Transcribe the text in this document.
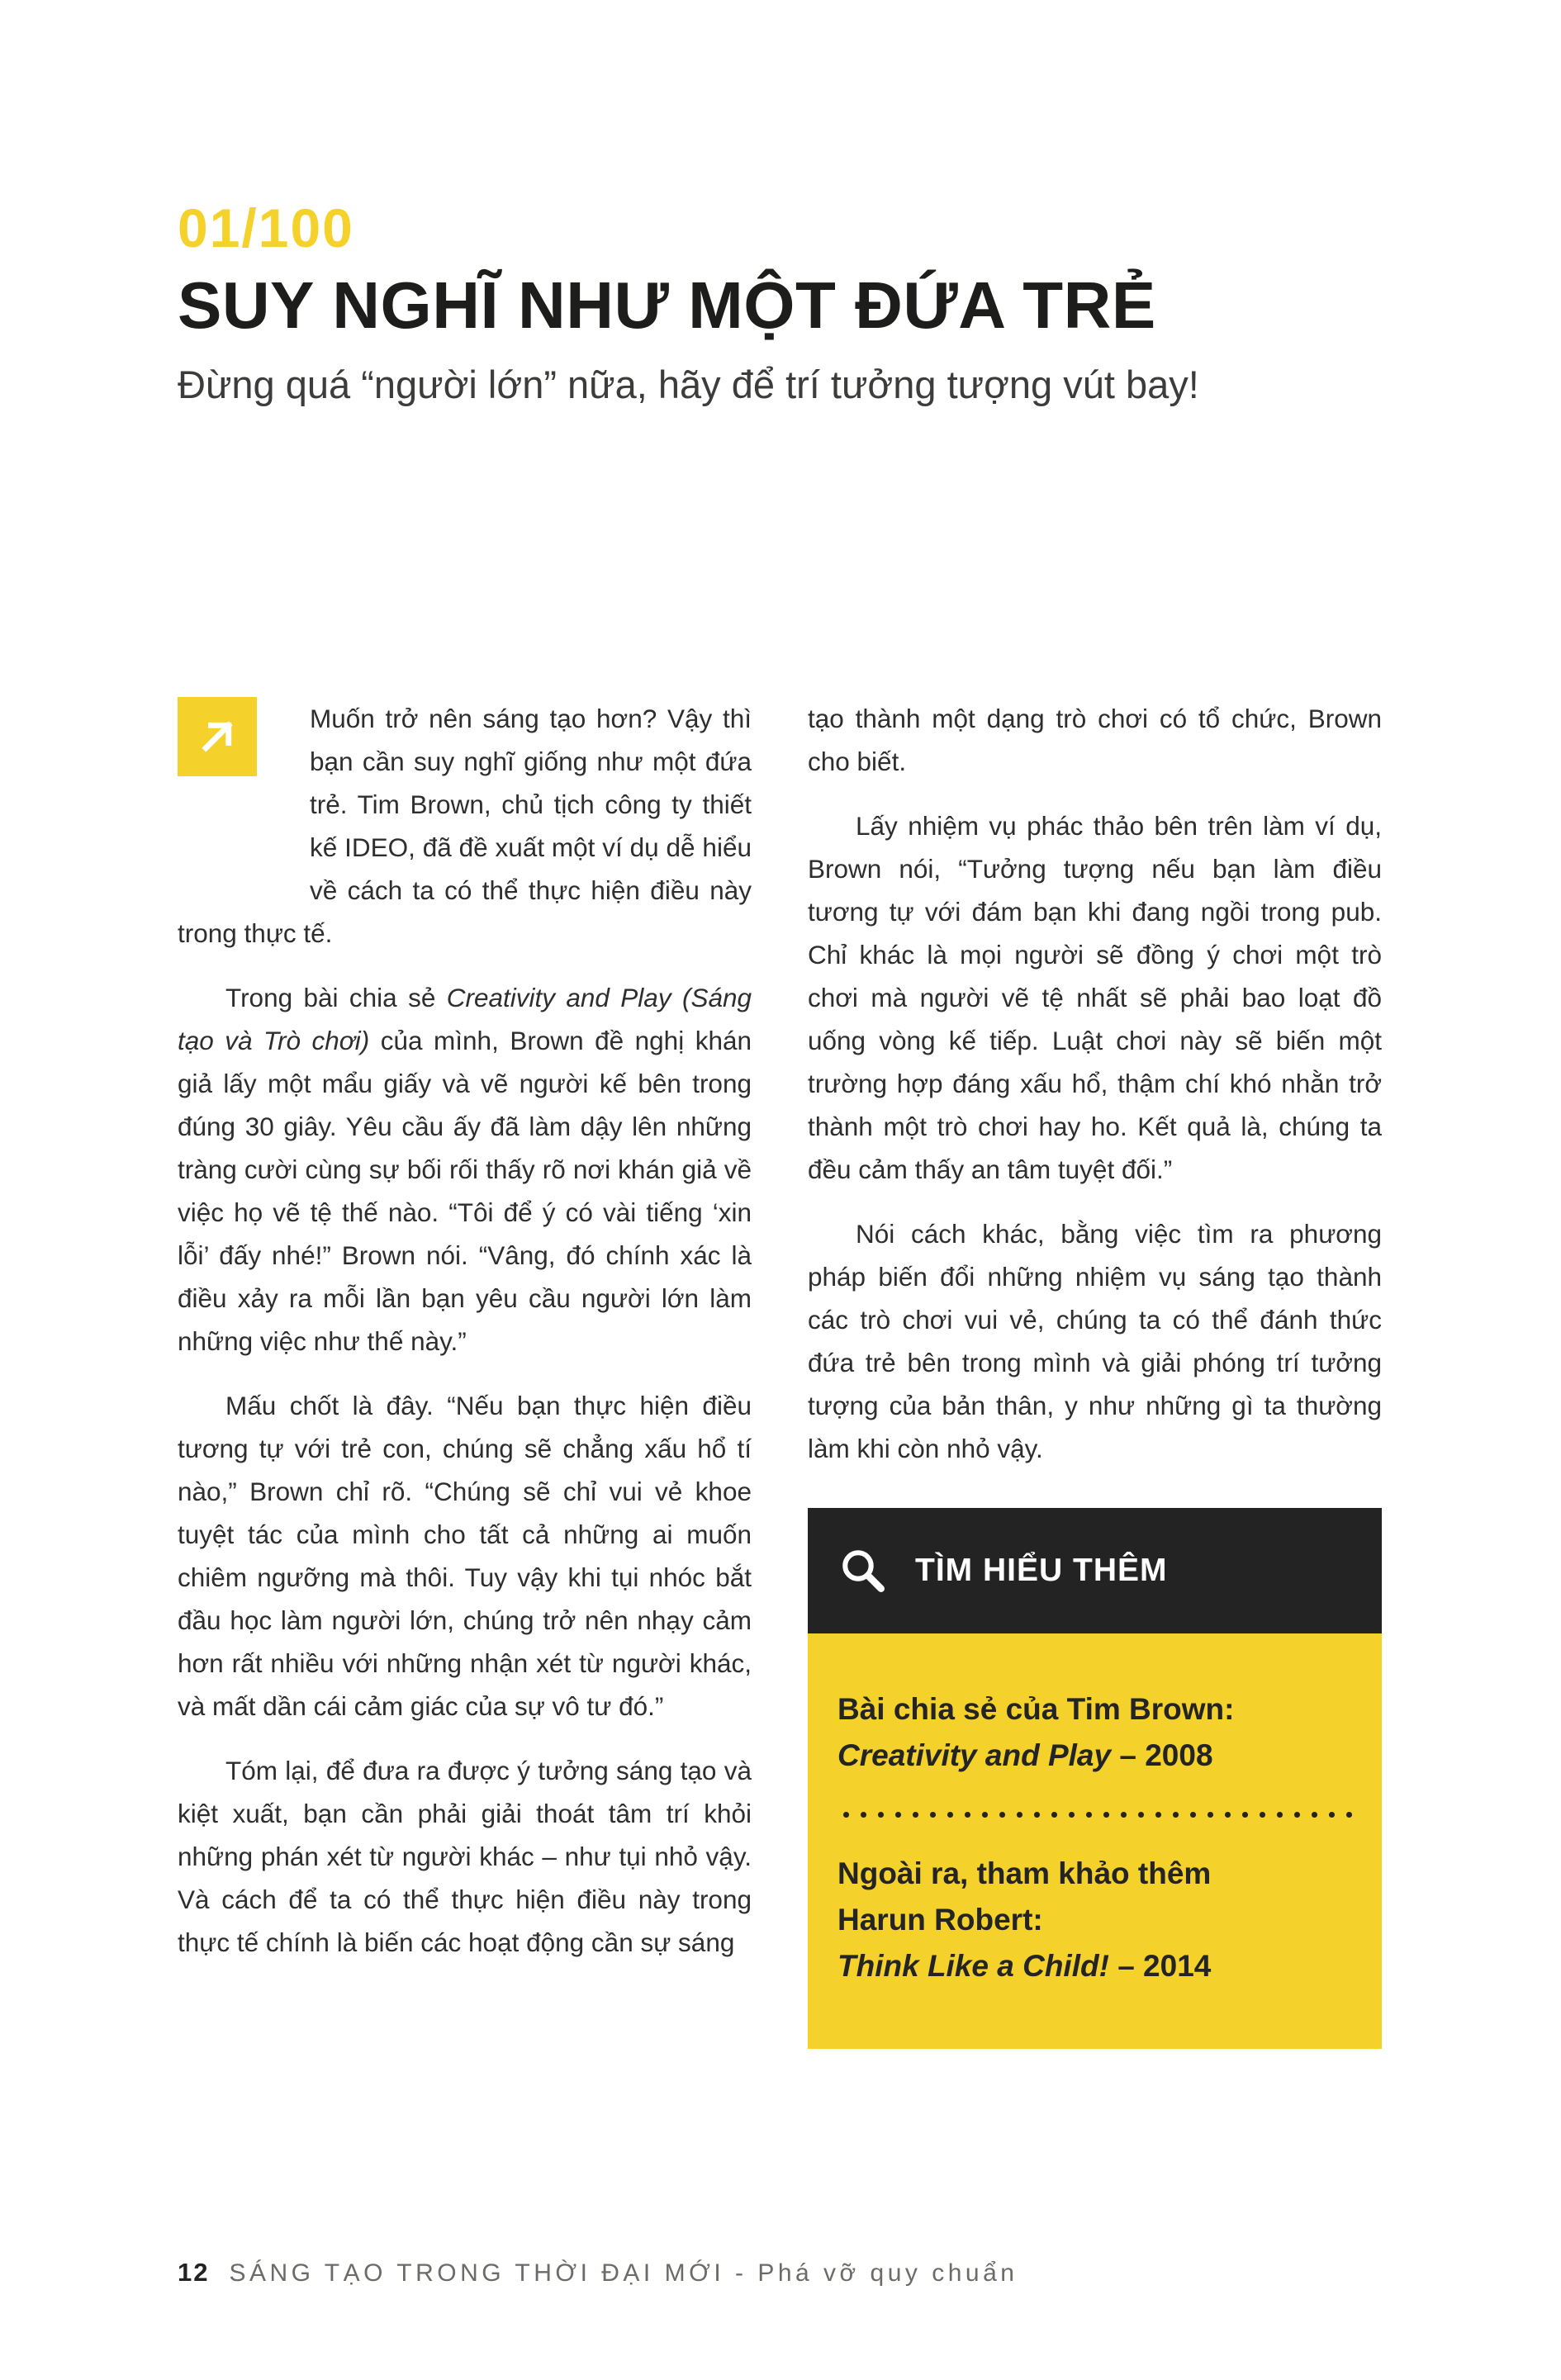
01/100
SUY NGHĨ NHƯ MỘT ĐỨA TRẺ

Đừng quá “người lớn” nữa, hãy để trí tưởng tượng vút bay!

Muốn trở nên sáng tạo hơn? Vậy thì bạn cần suy nghĩ giống như một đứa trẻ. Tim Brown, chủ tịch công ty thiết kế IDEO, đã đề xuất một ví dụ dễ hiểu về cách ta có thể thực hiện điều này trong thực tế.

Trong bài chia sẻ Creativity and Play (Sáng tạo và Trò chơi) của mình, Brown đề nghị khán giả lấy một mẩu giấy và vẽ người kế bên trong đúng 30 giây. Yêu cầu ấy đã làm dậy lên những tràng cười cùng sự bối rối thấy rõ nơi khán giả về việc họ vẽ tệ thế nào. “Tôi để ý có vài tiếng ‘xin lỗi’ đấy nhé!” Brown nói. “Vâng, đó chính xác là điều xảy ra mỗi lần bạn yêu cầu người lớn làm những việc như thế này.”

Mấu chốt là đây. “Nếu bạn thực hiện điều tương tự với trẻ con, chúng sẽ chẳng xấu hổ tí nào,” Brown chỉ rõ. “Chúng sẽ chỉ vui vẻ khoe tuyệt tác của mình cho tất cả những ai muốn chiêm ngưỡng mà thôi. Tuy vậy khi tụi nhóc bắt đầu học làm người lớn, chúng trở nên nhạy cảm hơn rất nhiều với những nhận xét từ người khác, và mất dần cái cảm giác của sự vô tư đó.”

Tóm lại, để đưa ra được ý tưởng sáng tạo và kiệt xuất, bạn cần phải giải thoát tâm trí khỏi những phán xét từ người khác – như tụi nhỏ vậy. Và cách để ta có thể thực hiện điều này trong thực tế chính là biến các hoạt động cần sự sáng

tạo thành một dạng trò chơi có tổ chức, Brown cho biết.

Lấy nhiệm vụ phác thảo bên trên làm ví dụ, Brown nói, “Tưởng tượng nếu bạn làm điều tương tự với đám bạn khi đang ngồi trong pub. Chỉ khác là mọi người sẽ đồng ý chơi một trò chơi mà người vẽ tệ nhất sẽ phải bao loạt đồ uống vòng kế tiếp. Luật chơi này sẽ biến một trường hợp đáng xấu hổ, thậm chí khó nhằn trở thành một trò chơi hay ho. Kết quả là, chúng ta đều cảm thấy an tâm tuyệt đối.”

Nói cách khác, bằng việc tìm ra phương pháp biến đổi những nhiệm vụ sáng tạo thành các trò chơi vui vẻ, chúng ta có thể đánh thức đứa trẻ bên trong mình và giải phóng trí tưởng tượng của bản thân, y như những gì ta thường làm khi còn nhỏ vậy.

TÌM HIỂU THÊM

Bài chia sẻ của Tim Brown:
Creativity and Play – 2008

Ngoài ra, tham khảo thêm
Harun Robert:
Think Like a Child! – 2014

12 SÁNG TẠO TRONG THỜI ĐẠI MỚI - Phá vỡ quy chuẩn
